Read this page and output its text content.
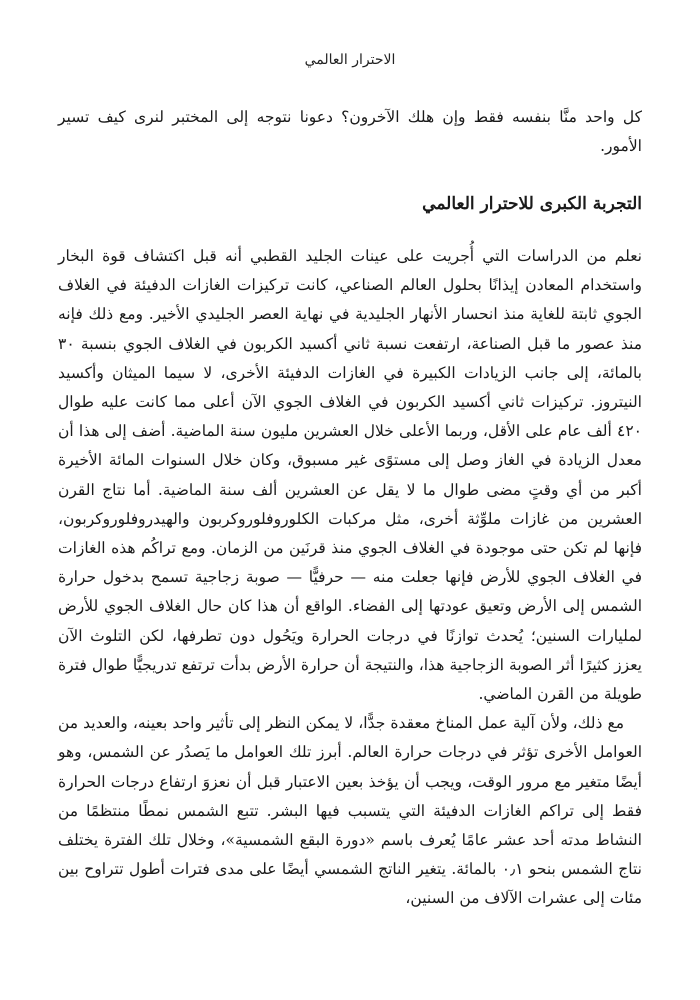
الاحترار العالمي

كل واحد منَّا بنفسه فقط وإن هلك الآخرون؟ دعونا نتوجه إلى المختبر لنرى كيف تسير الأمور.

التجربة الكبرى للاحترار العالمي

نعلم من الدراسات التي أُجريت على عينات الجليد القطبي أنه قبل اكتشاف قوة البخار واستخدام المعادن إيذانًا بحلول العالم الصناعي، كانت تركيزات الغازات الدفيئة في الغلاف الجوي ثابتة للغاية منذ انحسار الأنهار الجليدية في نهاية العصر الجليدي الأخير. ومع ذلك فإنه منذ عصور ما قبل الصناعة، ارتفعت نسبة ثاني أكسيد الكربون في الغلاف الجوي بنسبة ٣٠ بالمائة، إلى جانب الزيادات الكبيرة في الغازات الدفيئة الأخرى، لا سيما الميثان وأكسيد النيتروز. تركيزات ثاني أكسيد الكربون في الغلاف الجوي الآن أعلى مما كانت عليه طوال ٤٢٠ ألف عام على الأقل، وربما الأعلى خلال العشرين مليون سنة الماضية. أضف إلى هذا أن معدل الزيادة في الغاز وصل إلى مستوًى غير مسبوق، وكان خلال السنوات المائة الأخيرة أكبر من أي وقتٍ مضى طوال ما لا يقل عن العشرين ألف سنة الماضية. أما نتاج القرن العشرين من غازات ملوِّثة أخرى، مثل مركبات الكلوروفلوروكربون والهيدروفلوروكربون، فإنها لم تكن حتى موجودة في الغلاف الجوي منذ قرنَين من الزمان. ومع تراكُم هذه الغازات في الغلاف الجوي للأرض فإنها جعلت منه — حرفيًّا — صوبة زجاجية تسمح بدخول حرارة الشمس إلى الأرض وتعيق عودتها إلى الفضاء. الواقع أن هذا كان حال الغلاف الجوي للأرض لمليارات السنين؛ يُحدث توازنًا في درجات الحرارة ويَحُول دون تطرفها، لكن التلوث الآن يعزز كثيرًا أثر الصوبة الزجاجية هذا، والنتيجة أن حرارة الأرض بدأت ترتفع تدريجيًّا طوال فترة طويلة من القرن الماضي.

مع ذلك، ولأن آلية عمل المناخ معقدة جدًّا، لا يمكن النظر إلى تأثير واحد بعينه، والعديد من العوامل الأخرى تؤثر في درجات حرارة العالم. أبرز تلك العوامل ما يَصدُر عن الشمس، وهو أيضًا متغير مع مرور الوقت، ويجب أن يؤخذ بعين الاعتبار قبل أن نعزوَ ارتفاع درجات الحرارة فقط إلى تراكم الغازات الدفيئة التي يتسبب فيها البشر. تتبع الشمس نمطًا منتظمًا من النشاط مدته أحد عشر عامًا يُعرف باسم «دورة البقع الشمسية»، وخلال تلك الفترة يختلف نتاج الشمس بنحو ٠٫١ بالمائة. يتغير الناتج الشمسي أيضًا على مدى فترات أطول تتراوح بين مئات إلى عشرات الآلاف من السنين،
